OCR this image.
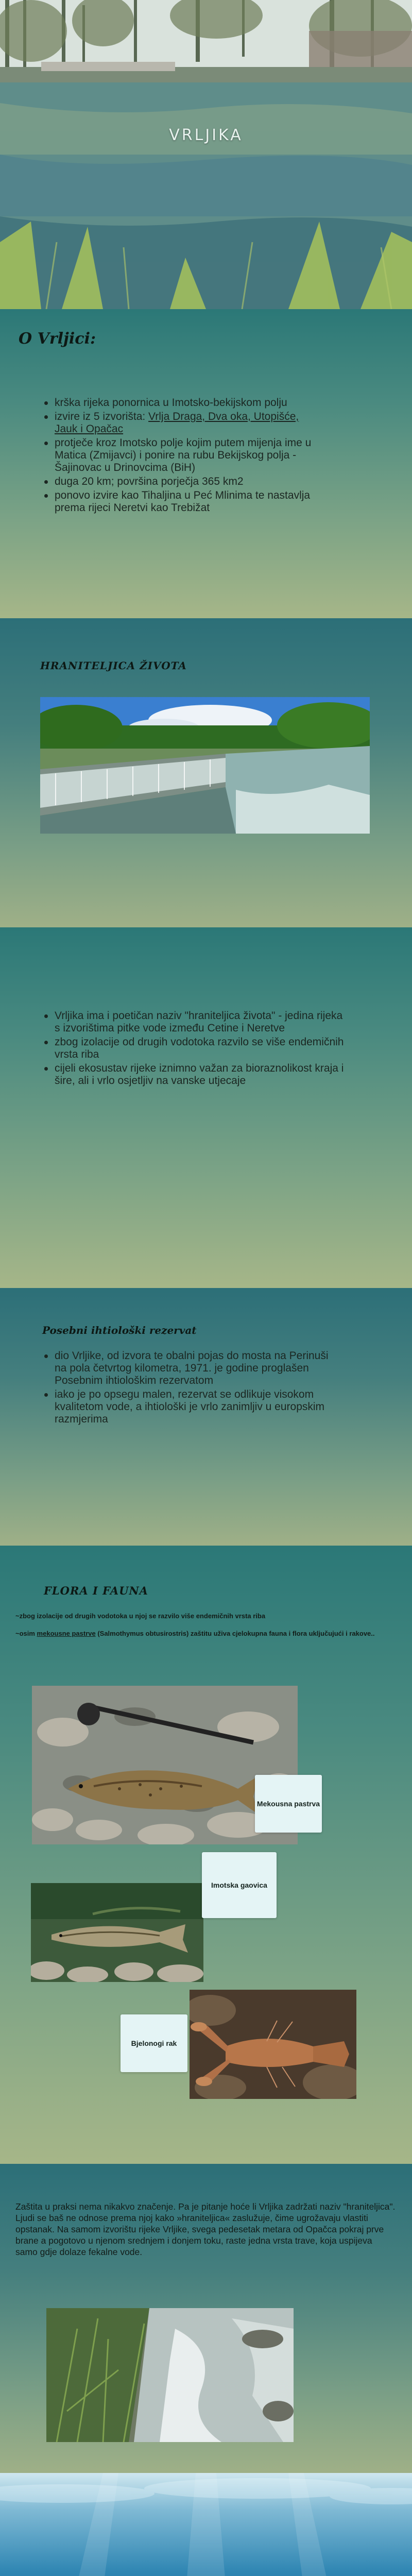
VRLJIKA
O Vrljici:
krška rijeka ponornica u Imotsko-bekijskom polju
izvire iz 5 izvorišta: Vrlja Draga, Dva oka, Utopišće, Jauk i Opačac
protječe kroz Imotsko polje kojim putem mijenja ime u Matica (Zmijavci) i ponire na rubu Bekijskog polja - Šajinovac u Drinovcima (BiH)
duga 20 km; površina porječja 365 km2
ponovo izvire kao Tihaljina u Peć Mlinima te nastavlja prema rijeci Neretvi kao Trebižat
HRANITELJICA ŽIVOTA
Vrljika ima i poetičan naziv "hraniteljica života" - jedina rijeka s izvorištima pitke vode između Cetine i Neretve
zbog izolacije od drugih vodotoka razvilo se više endemičnih vrsta riba
cijeli ekosustav rijeke iznimno važan za bioraznolikost kraja i šire, ali i vrlo osjetljiv na vanske utjecaje
Posebni ihtiološki rezervat
dio Vrljike, od izvora te obalni pojas do mosta na Perinuši na pola četvrtog kilometra, 1971. je godine proglašen Posebnim ihtiološkim rezervatom
iako je po opsegu malen, rezervat se odlikuje visokom kvalitetom vode, a ihtiološki je vrlo zanimljiv u europskim razmjerima
FLORA I FAUNA
~zbog izolacije od drugih vodotoka u njoj se razvilo više endemičnih vrsta riba
~osim mekousne pastrve (Salmothymus obtusirostris) zaštitu uživa cjelokupna fauna i flora uključujući i rakove..
Mekousna pastrva
Imotska gaovica
Bjelonogi rak

Zaštita u praksi nema nikakvo značenje. Pa je pitanje hoće li Vrljika zadržati naziv "hraniteljica". Ljudi se baš ne odnose prema njoj kako »hraniteljica« zaslužuje, čime ugrožavaju vlastiti opstanak. Na samom izvorištu rijeke Vrljike, svega pedesetak metara od Opačca pokraj prve brane a pogotovo u njenom srednjem i donjem toku, raste jedna vrsta trave, koja uspijeva samo gdje dolaze fekalne vode.
